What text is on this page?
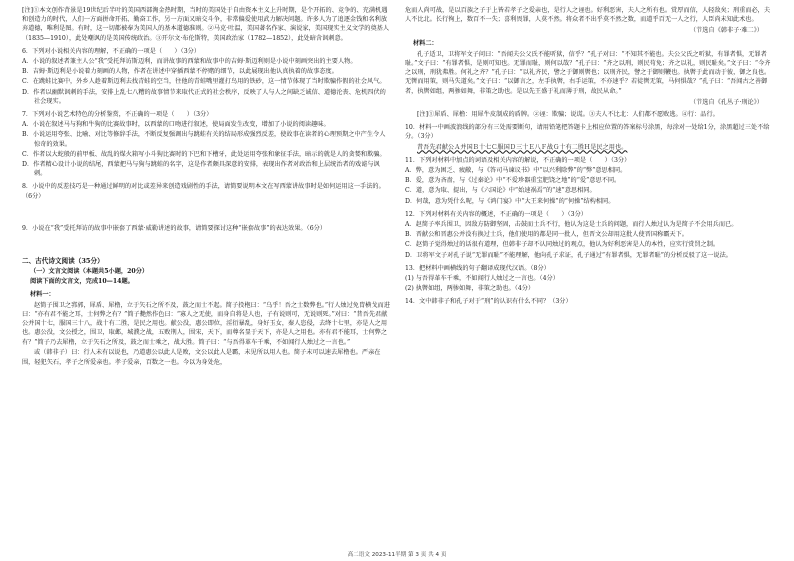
[注]①本文创作背景是19世纪后半叶的美国西部淘金热时期，当时的美国处于自由资本主义上升时期，是个开拓的、竞争的、充满机遇和创造力的时代，人们一方面拼命开拓、勤奋工作，另一方面又暗交斗争，非常偏爱使用武力解决问题。许多人为了追逐金钱和名利放弃道德，唯利是图。有时，这一切都被奉为美国人的基本道德准则。②马克·吐温，美国著名作家、演说家，美国现实主义文学的奠基人（1835—1910），此处嘲讽的是美国传统政治。③开尔文·布伦斯特，美国政治家（1782—1852），此处暗含讽刺意。

6．下列对小说相关内容的理解，不正确的一项是（　　）（3分）

A．小说的叙述者兼主人公“我”受托拜访斯迈利，而讲故事的西蒙和故事中的吉姆·斯迈利则是小说中刻画突出的主要人物。

B．吉姆·斯迈利是小说着力刻画的人物，作者在讲述中穿插西蒙不停赌的细节，以此展现出他认真执着的故事态度。

C．在跳蛙比赛中，外乡人趁着斯迈利去找青蛙的空当，往他的青蛙嘴里灌打鸟用的铁砂，这一情节体现了当时欺骗作假的社会风气。

D．作者以幽默讽刺的手法，安排上乱七八糟的故事情节来取代正式的社会秩序，反映了人与人之间缺乏诚信、道德沦丧、危机四伏的社会现实。

7．下列对小说艺术特色的分析鉴赏，不正确的一项是（　　）（3分）

A．小说在叙述马与狗和牛狗的比赛故事时，以西蒙的口吻进行叙述，使局面发生改变，增加了小说的阅读趣味。

B．小说运用夸张、比喻、对比等修辞手法，不断反复强调出与跳蛙有关的结局形成强烈反差，使故事在读者的心理预期之中产生令人惊奇的效果。

C．作者以大蛇般的前甲板、故乱的煤火箱写小斗狗比赛时的下巴和下槽牙，此处运用夸张和象征手法，暗示的就是人的贪婪和欺骗。

D．作者精心设计小说的结尾，西蒙把马与狗与跳蛙的名字，这是作者颇具深意的安排，表现出作者对政治和上层统治者的戏谑与讽刺。

8．小说中的反差技巧是一种通过鲜明的对比或差异来创造戏剧性的手法，请简要说明本文在写西蒙讲故事时是如何运用这一手法的。（6分）

9．小说在“我”受托拜访的故事中嵌套了西蒙·威勒讲述的故事，请简要探讨这种“嵌套故事”的表达效果。（6分）

二、古代诗文阅读（35分）

（一）文言文阅读（本题共5小题，20分）

阅读下面的文言文，完成10—14题。

材料一：

赵简子围卫之郛郭，犀盾、犀橹，立于矢石之所不及，鼓之而士不起。简子投枹曰：“乌乎！吾之士数弊也。”行人烛过免胄横戈而进曰：“亦有君不能之耳，士何弊之有？”简子艴然作色曰：“寡人之无使，而身自将是人也，子有说则可，无说则死。”对曰：“昔吾先君献公并国十七，服国三十八，战十有二胜，是民之用也。献公没，惠公即位，淫衍暴乱，身好玉女，秦人恣侵，去绛十七里，亦是人之用也。惠公没，文公授之，围卫，取邺，城濮之战，五败荆人，围宋，天下，而尊名显于天下，亦是人之用也。亦有君不能耳，士何弊之有？”简子乃去犀橹，立于矢石之所及，鼓之而士乘之，战大胜。简子曰：“与吾得革车千乘，不如闻行人烛过之一言也。”

或（韩非子）曰：行人未有以说也，乃道惠公以此人是败，文公以此人是霸，未见所以用人也。简子未可以速去犀橹也。严亲在围，轻犯矢石，孝子之所爱亲也。孝子爱亲，百数之一也。今以为身处危，

危而人尚可战，是以百族之子于上皆若孝子之爱亲也，是行人之诬也。好利恶害，夫人之所有也。赏厚而信，人轻敌矣；刑重而必，夫人不比北。长行徇上，数百不一失；喜利畏罪，人莫不然。将众者不出乎莫不然之数，而道乎百无一人之行，人臣尚未知此术也。

（节选自《韩非子·难二》）

材料二：

孔子适卫，卫将军文子问曰：“吾闻夫公父氏不能听狱，信乎？”孔子对曰：“不知其不能也。夫公父氏之听狱，有罪者惧，无罪者耻。”文子曰：“有罪者惧，是则可知也。无罪而耻，则何以哉？”孔子曰：“齐之以刑，则民苟免；齐之以礼，则民耻矣。”文子曰：“今齐之以刑，刑犹弗胜。何礼之齐？”孔子曰：“以礼齐民，譬之于御则辔也；以刑齐民，譬之于御则鞭也。执辔于此而动于彼，御之良也。无辔而用策，则马失道矣。”文子曰：“以御言之，左手执辔，右手运策，不亦速乎？若徒辔无策，马何惧哉？”孔子曰：“吾闻古之善御者，执辔如组，两骖如舞，非策之助也。是以先王盛于礼而薄于刑，故民从命。”

（节选自《孔丛子·刑论》）

[注]①犀盾、犀橹：用犀牛皮制成的盾牌。②诬：欺骗；说谎。③夫人不比北：人们都不愿败逃。④行：品行。

10．材料一中画波浪线的部分有三处需要断句，请用铅笔把答题卡上相应位置的答案标号涂黑，每涂对一处给1分，涂黑超过三处不给分。（3分）

昔吾先君献公Ａ并国Ｂ十七Ｃ服国Ｄ三十Ｅ八Ｆ战Ｇ十有二胜Ｈ是民之用也。

11．下列对材料中加点的词语及相关内容的解说，不正确的一项是（　　）（3分）

A．弊，意为困乏、疲敝，与《答司马谏议书》中“以兴利除弊”的“弊”意思相同。

B．爱，意为吝啬，与《过秦论》中“不爱珍器重宝肥饶之地”的“爱”意思不同。

C．道，意为取、提出，与《六国论》中“始速祸焉”的“速”意思相同。

D．何哉，意为凭什么呢，与《鸿门宴》中“大王来何操”的“何操”结构相同。

12．下列对材料有关内容的概述，不正确的一项是（　　）（3分）

A．赵简子率兵围卫，因敌方防御坚固，击鼓而士兵不行，他认为这是士兵的问题，而行人烛过认为是简子不会用兵而已。

B．晋献公和晋惠公并没有换过士兵，他们使用的都是同一批人，但晋文公却用这批人使晋国称霸天下。

C．赵简子觉得烛过的话很有道理，但韩非子却不认同烛过的观点，他认为好利恶害是人的本性，应实行赏罚之制。

D．卫将军文子对孔子说“无罪而耻”不能理解，他向孔子求证，孔子通过“有罪者惧，无罪者耻”的分析反驳了这一说法。

13．把材料中画横线的句子翻译成现代汉语。（8分）

(1) 与吾得革车千乘，不如闻行人烛过之一言也。（4分）

(2) 执辔如组，两骖如舞，非策之助也。（4分）

14．文中韩非子和孔子对于“刑”的认识有什么不同？（3分）

高二语文 2023-11半期 第 3 页 共 4 页
